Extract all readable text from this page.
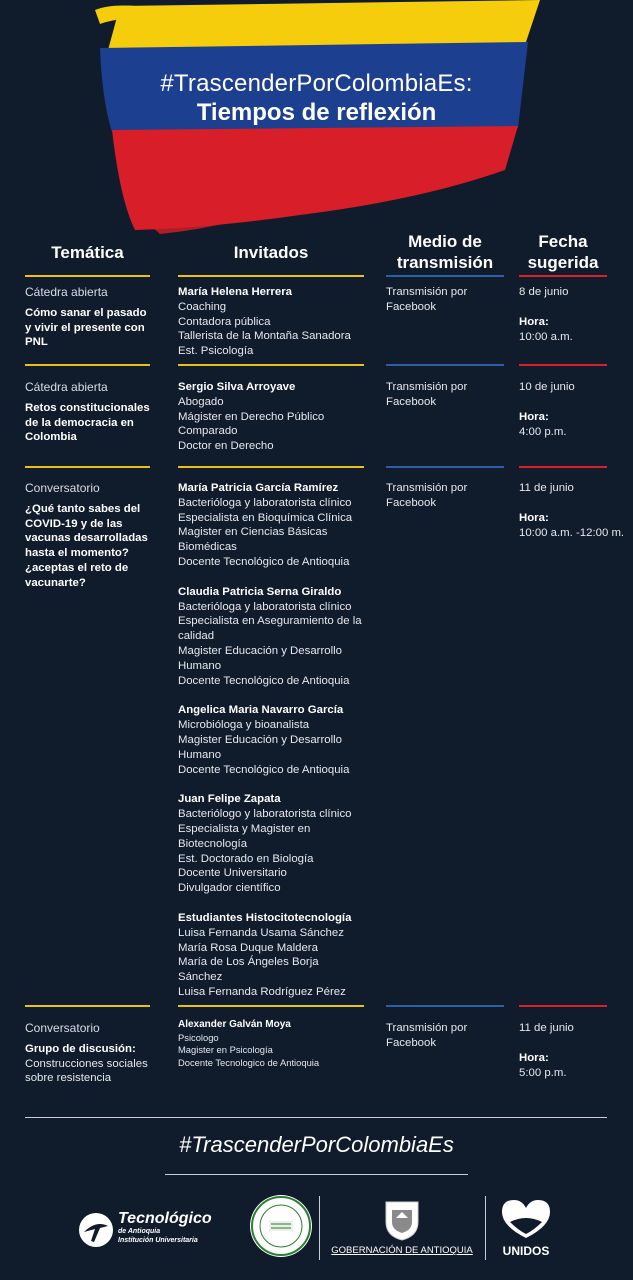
#TrascenderPorColombiaEs:
Tiempos de reflexión
Temática	Invitados
Medio de transmisión
Fecha sugerida
Cátedra abierta
Cómo sanar el pasado y vivir el presente con PNL
María Helena Herrera
Coaching
Contadora pública
Tallerista de la Montaña Sanadora
Est. Psicología
Transmisión por Facebook
8 de junio
Hora:
10:00 a.m.
Cátedra abierta
Retos constitucionales de la democracia en Colombia
Sergio Silva Arroyave
Abogado
Mágister en Derecho Público
Comparado
Doctor en Derecho
Transmisión por Facebook
10 de junio
Hora:
4:00 p.m.
Conversatorio
¿Qué tanto sabes del COVID-19 y de las vacunas desarrolladas hasta el momento? ¿aceptas el reto de vacunarte?
María Patricia García Ramírez
Bacterióloga y laboratorista clínico
Especialista en Bioquímica Clínica
Magister en Ciencias Básicas
Biomédicas
Docente Tecnológico de Antioquia
Claudia Patricia Serna Giraldo
Bacterióloga y laboratorista clínico
Especialista en Aseguramiento de la
calidad
Magister Educación y Desarrollo
Humano
Docente Tecnológico de Antioquia
Angelica Maria Navarro García
Microbióloga y bioanalista
Magister Educación y Desarrollo
Humano
Docente Tecnológico de Antioquia
Juan Felipe Zapata
Bacteriólogo y laboratorista clínico
Especialista y Magister en
Biotecnología
Est. Doctorado en Biología
Docente Universitario
Divulgador científico
Estudiantes Histocitotecnología
Luisa Fernanda Usama Sánchez
María Rosa Duque Maldera
María de Los Ángeles Borja
Sánchez
Luisa Fernanda Rodríguez Pérez
Transmisión por Facebook
11 de junio
Hora:
10:00 a.m. -12:00 m.
Conversatorio
Grupo de discusión:
Construcciones sociales sobre resistencia
Alexander Galván Moya
Psicologo
Magister en Psicología
Docente Tecnologico de Antioquia
Transmisión por Facebook
11 de junio
Hora:
5:00 p.m.
#TrascenderPorColombiaEs
Tecnológico
de Antioquia
Institución Universitaria
GOBERNACIÓN DE ANTIOQUIA	UNIDOS
